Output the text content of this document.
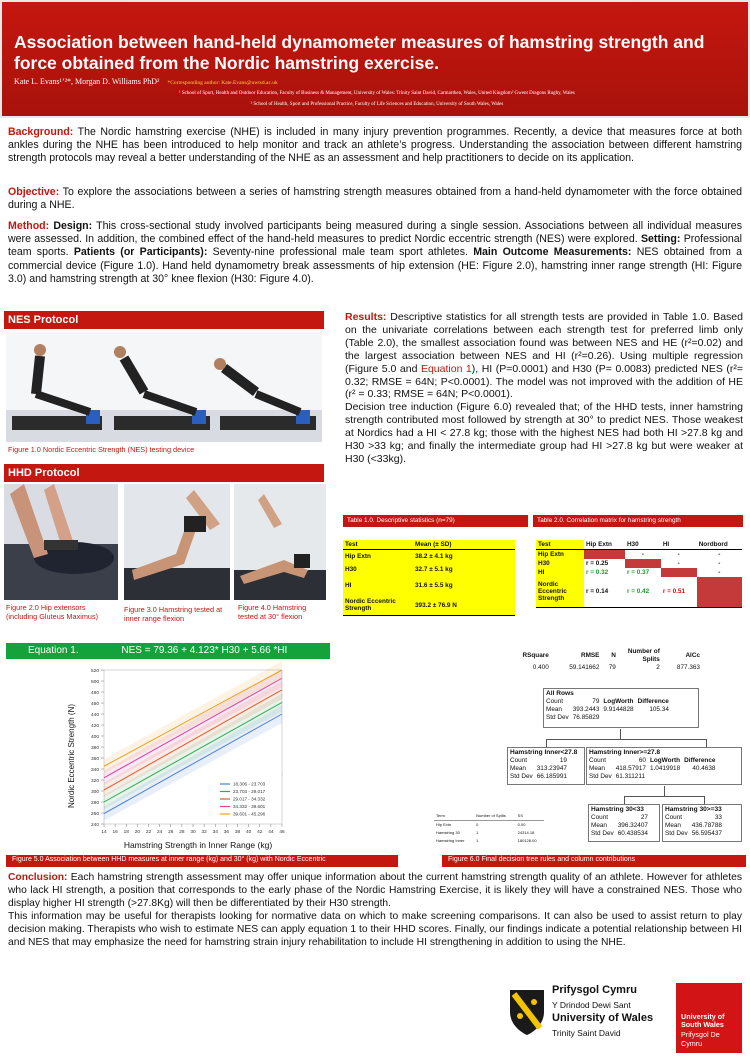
Association between hand-held dynamometer measures of hamstring strength and force obtained from the Nordic hamstring exercise.
Kate L. Evans¹ʼ²*, Morgan D. Williams PhD² *Corresponding author: Kate.Evans@uwtsd.ac.uk
¹ School of Sport, Health and Outdoor Education, Faculty of Business & Management, University of Wales: Trinity Saint David, Carmarthen, Wales, United Kingdom² Gwent Dragons Rugby, Wales
² School of Health, Sport and Professional Practice, Faculty of Life Sciences and Education, University of South Wales, Wales
Background: The Nordic hamstring exercise (NHE) is included in many injury prevention programmes. Recently, a device that measures force at both ankles during the NHE has been introduced to help monitor and track an athlete’s progress. Understanding the association between different hamstring strength protocols may reveal a better understanding of the NHE as an assessment and help practitioners to decide on its application.
Objective: To explore the associations between a series of hamstring strength measures obtained from a hand-held dynamometer with the force obtained during a NHE.
Method: Design: This cross-sectional study involved participants being measured during a single session. Associations between all individual measures were assessed. In addition, the combined effect of the hand-held measures to predict Nordic eccentric strength (NES) were explored. Setting: Professional team sports. Patients (or Participants): Seventy-nine professional male team sport athletes. Main Outcome Measurements: NES obtained from a commercial device (Figure 1.0). Hand held dynamometry break assessments of hip extension (HE: Figure 2.0), hamstring inner range strength (HI: Figure 3.0) and hamstring strength at 30° knee flexion (H30: Figure 4.0).
NES Protocol
Figure 1.0 Nordic Eccentric Strength (NES) testing device
HHD Protocol
Figure 2.0 Hip extensors (including Gluteus Maximus)
Figure 3.0 Hamstring tested at inner range flexion
Figure 4.0 Hamstring tested at 30° flexion
Results: Descriptive statistics for all strength tests are provided in Table 1.0. Based on the univariate correlations between each strength test for preferred limb only (Table 2.0), the smallest association found was between NES and HE (r²=0.02) and the largest association between NES and HI (r²=0.26). Using multiple regression (Figure 5.0 and Equation 1), HI (P=0.0001) and H30 (P= 0.0083) predicted NES (r²= 0.32; RMSE = 64N; P<0.0001). The model was not improved with the addition of HE (r² = 0.33; RMSE = 64N; P<0.0001).
Decision tree induction (Figure 6.0) revealed that; of the HHD tests, inner hamstring strength contributed most followed by strength at 30° to predict NES. Those weakest at Nordics had a HI < 27.8 kg; those with the highest NES had both HI >27.8 kg and H30 >33 kg; and finally the intermediate group had HI >27.8 kg but were weaker at H30 (<33kg).
Table 1.0. Descriptive statistics (n=79)
Test	Mean (± SD)
Hip Extn	38.2 ± 4.1 kg
H30	32.7 ± 5.1 kg
HI	31.6 ± 5.5 kg
Nordic Eccentric Strength	393.2 ± 76.9 N
Table 2.0. Correlation matrix for hamstring strength
Test	Hip Extn	H30	HI	Nordbord
Hip Extn		-	-	-
H30	r = 0.25		-	-
HI	r = 0.32	r = 0.37		-
Nordic Eccentric Strength	r = 0.14	r = 0.42	r = 0.51	
Equation 1.	NES = 79.36 + 4.123* H30 + 5.66 *HI
Nordic Eccentric Strength (N)
Hamstring Strength in Inner Range (kg)
240
260
280
300
320
340
360
380
400
420
440
460
480
500
520
14 16 18 20 22 24 26 28 30 32 34 36 38 40 42 44 46
18.306 - 23.703
23.703 - 29.017
29.017 - 34.332
34.332 - 39.601
39.601 - 45.296
Figure 5.0 Association between HHD measures at inner range (kg) and 30° (kg) with Nordic Eccentric
RSquare	RMSE	N	Number of Splits	AICc
0.400	59.141662	79	2	877.363
All Rows
Count	79	LogWorth	Difference
Mean	393.2443	9.9144828	105.34
Std Dev	76.85829		
Hamstring Inner<27.8
Count	19
Mean	313.23947
Std Dev	66.185991
Hamstring Inner>=27.8
Count	60	LogWorth	Difference
Mean	418.57917	1.0419918	40.4638
Std Dev	61.311211		
Hamstring 30<33
Count	27
Mean	396.32407
Std Dev	60.438534
Hamstring 30>=33
Count	33
Mean	436.78788
Std Dev	56.595437
Term	Number of Splits	SS
Hip Extn	0	0.00
Hamstring 30	1	24314.18
Hamstring Inner	1	180128.00
Figure 6.0 Final decision tree rules and column contributions
Conclusion: Each hamstring strength assessment may offer unique information about the current hamstring strength quality of an athlete. However for athletes who lack HI strength, a position that corresponds to the early phase of the Nordic Hamstring Exercise, it is likely they will have a constrained NES. Those who display higher HI strength (>27.8Kg) will then be differentiated by their H30 strength.
This information may be useful for therapists looking for normative data on which to make screening comparisons. It can also be used to assist return to play decision making. Therapists who wish to estimate NES can apply equation 1 to their HHD scores. Finally, our findings indicate a potential relationship between HI and NES that may emphasize the need for hamstring strain injury rehabilitation to include HI strengthening in addition to using the NHE.
Prifysgol Cymru
Y Drindod Dewi Sant
University of Wales
Trinity Saint David
University of South Wales
Prifysgol De Cymru
